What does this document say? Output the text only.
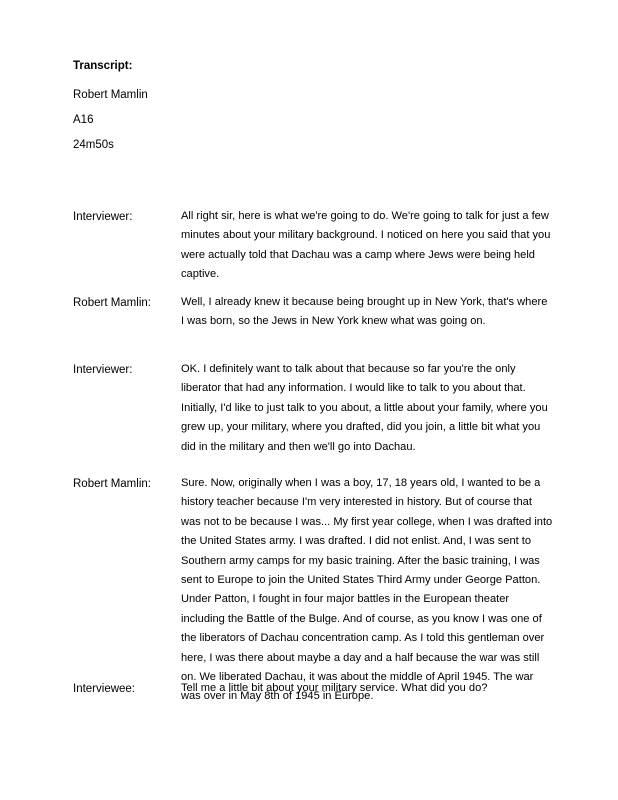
Transcript:
Robert Mamlin
A16
24m50s
Interviewer:	All right sir, here is what we're going to do. We're going to talk for just a few minutes about your military background. I noticed on here you said that you were actually told that Dachau was a camp where Jews were being held captive.
Robert Mamlin:	Well, I already knew it because being brought up in New York, that's where I was born, so the Jews in New York knew what was going on.
Interviewer:	OK. I definitely want to talk about that because so far you're the only liberator that had any information. I would like to talk to you about that. Initially, I'd like to just talk to you about, a little about your family, where you grew up, your military, where you drafted, did you join, a little bit what you did in the military and then we'll go into Dachau.
Robert Mamlin:	Sure. Now, originally when I was a boy, 17, 18 years old, I wanted to be a history teacher because I'm very interested in history. But of course that was not to be because I was... My first year college, when I was drafted into the United States army. I was drafted. I did not enlist. And, I was sent to Southern army camps for my basic training. After the basic training, I was sent to Europe to join the United States Third Army under George Patton. Under Patton, I fought in four major battles in the European theater including the Battle of the Bulge. And of course, as you know I was one of the liberators of Dachau concentration camp. As I told this gentleman over here, I was there about maybe a day and a half because the war was still on. We liberated Dachau, it was about the middle of April 1945. The war was over in May 8th of 1945 in Europe.
Interviewee:	Tell me a little bit about your military service. What did you do?
